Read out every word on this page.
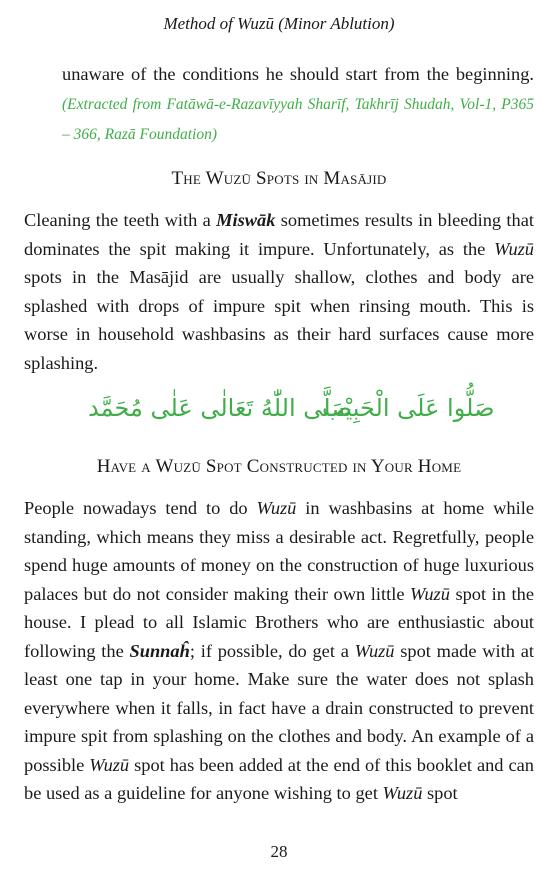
Method of Wuzū (Minor Ablution)
unaware of the conditions he should start from the beginning. (Extracted from Fatāwā-e-Razavīyyah Sharīf, Takhrīj Shudah, Vol-1, P365 – 366, Razā Foundation)
The Wuzū Spots in Masājid
Cleaning the teeth with a Miswāk sometimes results in bleeding that dominates the spit making it impure. Unfortunately, as the Wuzū spots in the Masājid are usually shallow, clothes and body are splashed with drops of impure spit when rinsing mouth. This is worse in household washbasins as their hard surfaces cause more splashing.
صَلَّى اللّٰهُ تَعَالٰی عَلٰی مُحَمَّد
صَلُّوا عَلَى الْحَبِيْب
Have a Wuzū Spot Constructed in Your Home
People nowadays tend to do Wuzū in washbasins at home while standing, which means they miss a desirable act. Regretfully, people spend huge amounts of money on the construction of huge luxurious palaces but do not consider making their own little Wuzū spot in the house. I plead to all Islamic Brothers who are enthusiastic about following the Sunnaĥ; if possible, do get a Wuzū spot made with at least one tap in your home. Make sure the water does not splash everywhere when it falls, in fact have a drain constructed to prevent impure spit from splashing on the clothes and body. An example of a possible Wuzū spot has been added at the end of this booklet and can be used as a guideline for anyone wishing to get Wuzū spot
28
